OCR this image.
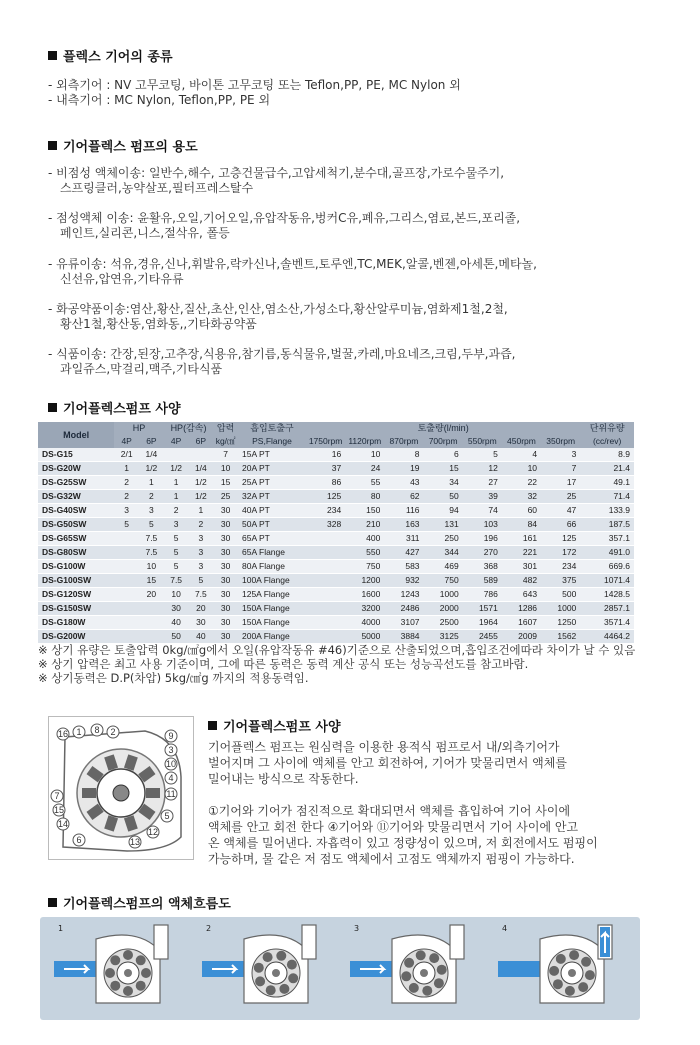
플렉스 기어의 종류
- 외측기어 : NV 고무코팅, 바이톤 고무코팅 또는 Teflon,PP, PE, MC Nylon 외
- 내측기어 : MC Nylon, Teflon,PP, PE 외
기어플렉스 펌프의 용도
- 비점성 액체이송: 일반수,해수, 고층건물급수,고압세척기,분수대,골프장,가로수물주기,
스프링클러,농약살포,필터프레스탈수
- 점성액체 이송: 윤활유,오일,기어오일,유압작동유,벙커C유,폐유,그리스,염료,본드,포리졸,
페인트,실리콘,니스,절삭유, 폴등
- 유류이송: 석유,경유,신나,휘발유,락카신나,솔벤트,토루엔,TC,MEK,알콜,벤젠,아세톤,메타놀,
신선유,압연유,기타유류
- 화공약품이송:염산,황산,질산,초산,인산,염소산,가성소다,황산알루미늄,염화제1철,2철,
황산1철,황산동,염화동,,기타화공약품
- 식품이송: 간장,된장,고추장,식용유,참기름,동식물유,벌꿀,카레,마요네즈,크림,두부,과즙,
과일쥬스,막걸리,맥주,기타식품
기어플렉스펌프 사양
Model	HP		HP(감속)		압력	흡입토출구	토출량(l/min)							단위유량
	4P	6P	4P	6P	kg/㎠	PS,Flange	1750rpm	1120rpm	870rpm	700rpm	550rpm	450rpm	350rpm	(cc/rev)
DS-G15	2/1	1/4			7	15A PT	16	10	8	6	5	4	3	8.9
DS-G20W	1	1/2	1/2	1/4	10	20A PT	37	24	19	15	12	10	7	21.4
DS-G25SW	2	1	1	1/2	15	25A PT	86	55	43	34	27	22	17	49.1
DS-G32W	2	2	1	1/2	25	32A PT	125	80	62	50	39	32	25	71.4
DS-G40SW	3	3	2	1	30	40A PT	234	150	116	94	74	60	47	133.9
DS-G50SW	5	5	3	2	30	50A PT	328	210	163	131	103	84	66	187.5
DS-G65SW		7.5	5	3	30	65A PT		400	311	250	196	161	125	357.1
DS-G80SW		7.5	5	3	30	65A Flange		550	427	344	270	221	172	491.0
DS-G100W		10	5	3	30	80A Flange		750	583	469	368	301	234	669.6
DS-G100SW		15	7.5	5	30	100A Flange		1200	932	750	589	482	375	1071.4
DS-G120SW		20	10	7.5	30	125A Flange		1600	1243	1000	786	643	500	1428.5
DS-G150SW			30	20	30	150A Flange		3200	2486	2000	1571	1286	1000	2857.1
DS-G180W			40	30	30	150A Flange		4000	3107	2500	1964	1607	1250	3571.4
DS-G200W			50	40	30	200A Flange		5000	3884	3125	2455	2009	1562	4464.2
※ 상기 유량은 토출압력 0kg/㎠g에서 오일(유압작동유 #46)기준으로 산출되었으며,흡입조건에따라 차이가 날 수 있음
※ 상기 압력은 최고 사용 기준이며, 그에 따른 동력은 동력 계산 공식 또는 성능곡선도를 참고바람.
※ 상기동력은 D.P(차압) 5kg/㎠g 까지의 적용동력임.
16 1 8 2	9
3
10
4
11
5
12
13
6
14
15
7
기어플렉스펌프 사양
기어플렉스 펌프는 원심력을 이용한 용적식 펌프로서 내/외측기어가
벌어지며 그 사이에 액체를 안고 회전하여, 기어가 맞물리면서 액체를
밀어내는 방식으로 작동한다.
①기어와 기어가 점진적으로 확대되면서 액체를 흡입하여 기어 사이에
액체를 안고 회전 한다 ④기어와 ⑪기어와 맞물리면서 기어 사이에 안고
온 액체를 밀어낸다. 자흡력이 있고 정량성이 있으며, 저 회전에서도 펌핑이
가능하며, 물 같은 저 점도 액체에서 고점도 액체까지 펌핑이 가능하다.
기어플렉스펌프의 액체흐름도
1	2	3	4
